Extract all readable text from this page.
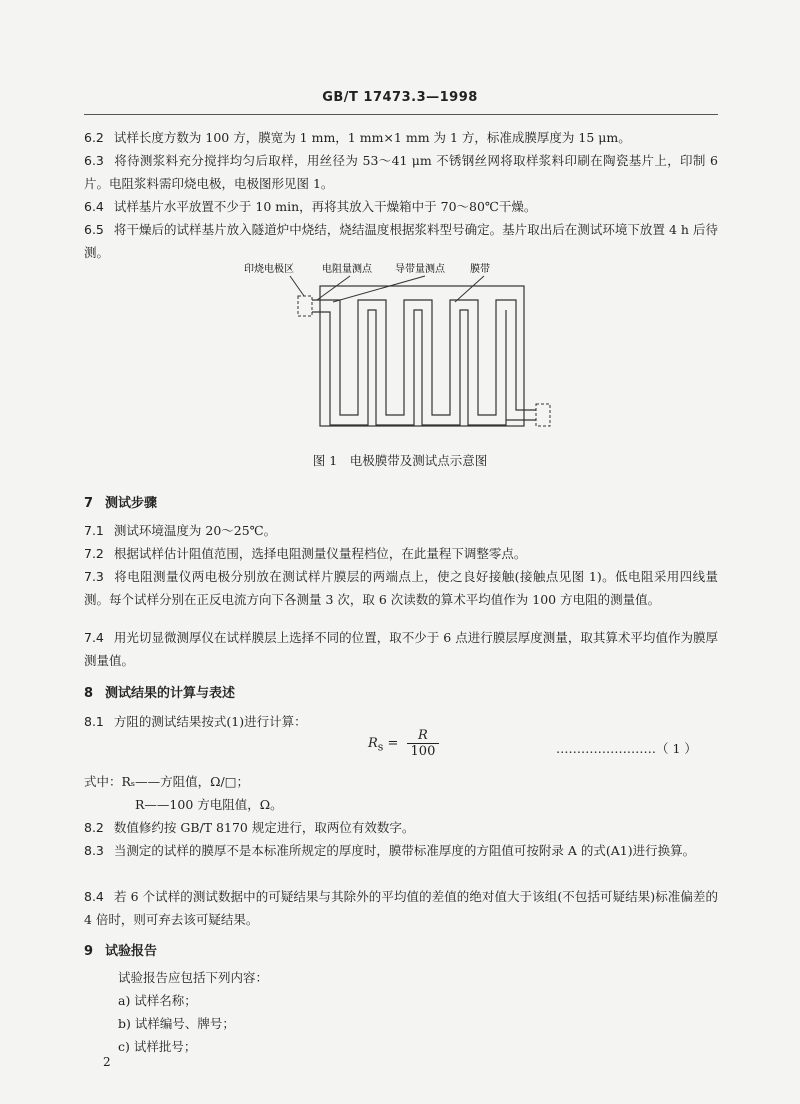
GB/T 17473.3—1998
6.2 试样长度方数为 100 方，膜宽为 1 mm，1 mm×1 mm 为 1 方，标准成膜厚度为 15 μm。
6.3 将待测浆料充分搅拌均匀后取样，用丝径为 53～41 μm 不锈钢丝网将取样浆料印刷在陶瓷基片上，印制 6 片。电阻浆料需印烧电极，电极图形见图 1。
6.4 试样基片水平放置不少于 10 min，再将其放入干燥箱中于 70～80℃干燥。
6.5 将干燥后的试样基片放入隧道炉中烧结，烧结温度根据浆料型号确定。基片取出后在测试环境下放置 4 h 后待测。
印烧电极区	电阻量测点 导带量测点	膜带
图 1　电极膜带及测试点示意图
7 测试步骤
7.1 测试环境温度为 20～25℃。
7.2 根据试样估计阻值范围，选择电阻测量仪量程档位，在此量程下调整零点。
7.3 将电阻测量仪两电极分别放在测试样片膜层的两端点上，使之良好接触(接触点见图 1)。低电阻采用四线量测。每个试样分别在正反电流方向下各测量 3 次，取 6 次读数的算术平均值作为 100 方电阻的测量值。
7.4 用光切显微测厚仪在试样膜层上选择不同的位置，取不少于 6 点进行膜层厚度测量，取其算术平均值作为膜厚测量值。
8 测试结果的计算与表述
8.1 方阻的测试结果按式(1)进行计算：
$R_s = \frac{R}{100}$	……………………（ 1 ）
式中：Rₛ——方阻值，Ω/□；
R——100 方电阻值，Ω。
8.2 数值修约按 GB/T 8170 规定进行，取两位有效数字。
8.3 当测定的试样的膜厚不是本标准所规定的厚度时，膜带标准厚度的方阻值可按附录 A 的式(A1)进行换算。
8.4 若 6 个试样的测试数据中的可疑结果与其除外的平均值的差值的绝对值大于该组(不包括可疑结果)标准偏差的 4 倍时，则可弃去该可疑结果。
9 试验报告
试验报告应包括下列内容：
a) 试样名称；
b) 试样编号、牌号；
c) 试样批号；
2
